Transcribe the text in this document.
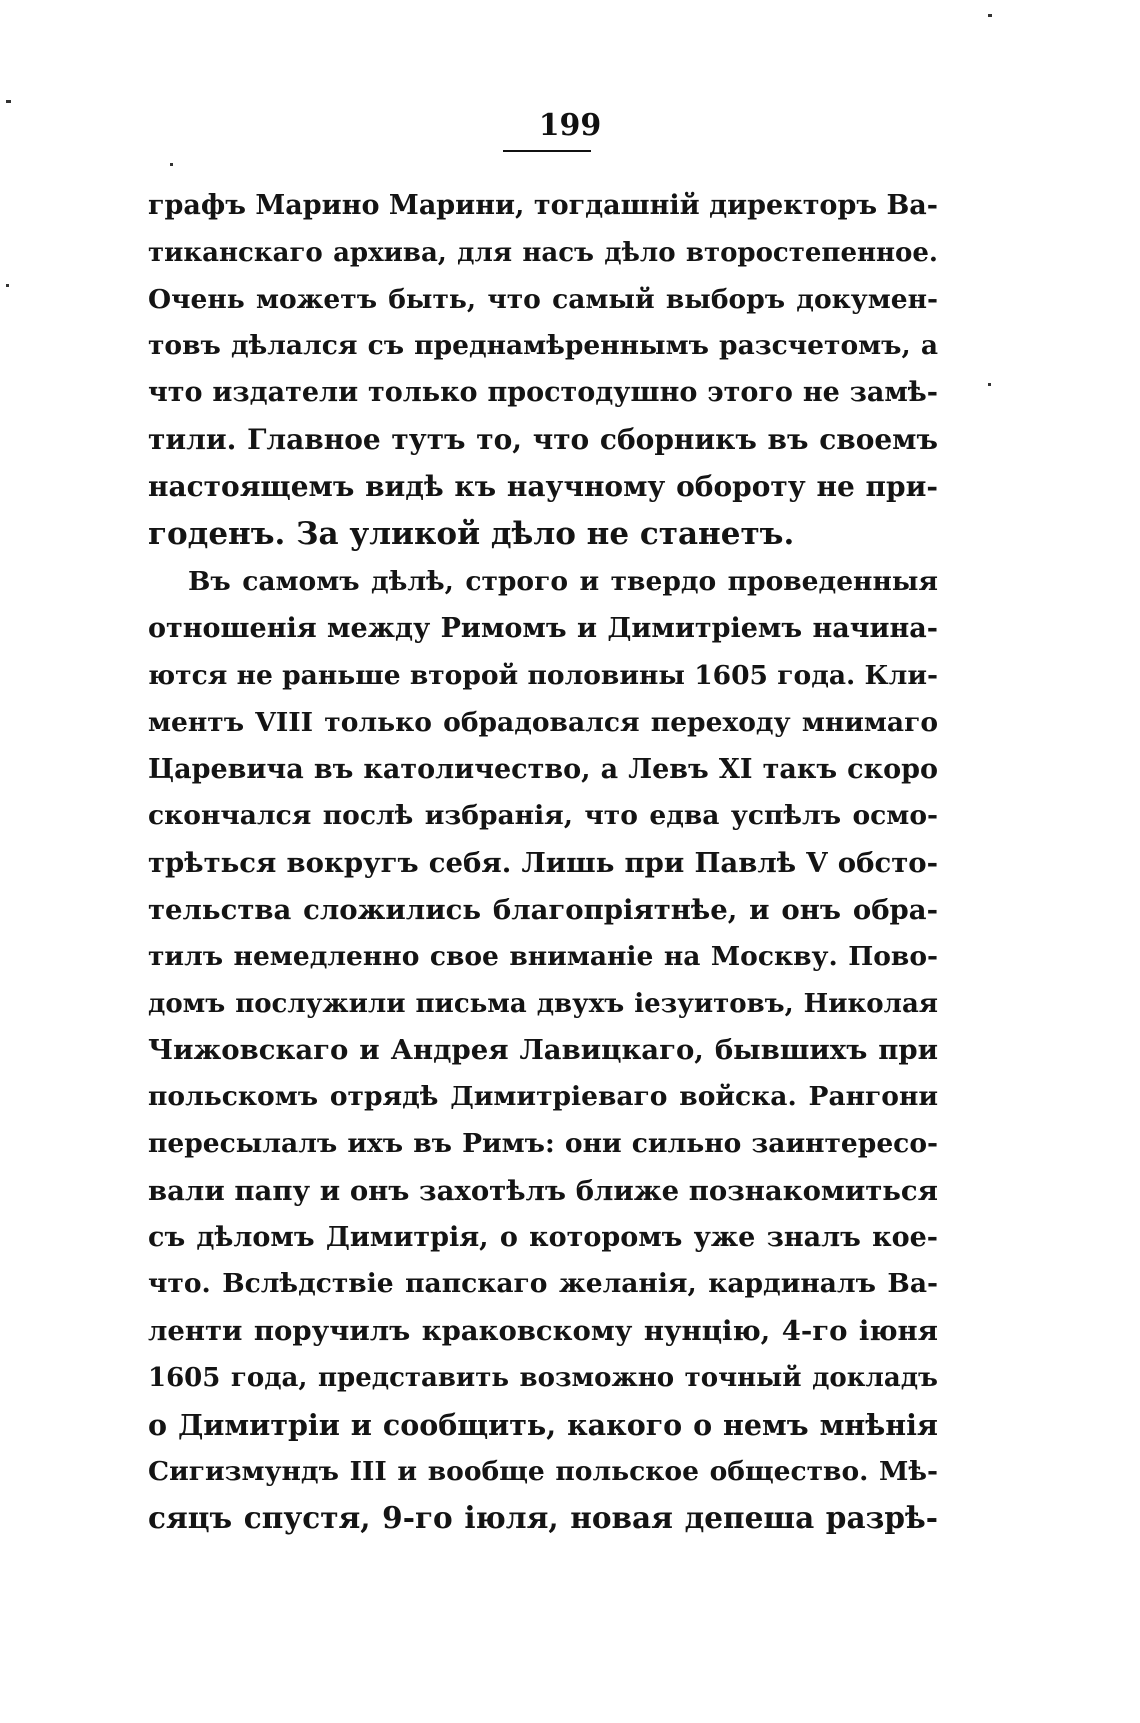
199
графъ Марино Марини, тогдашній директоръ Ва-
тиканскаго архива, для насъ дѣло второстепенное.
Очень можетъ быть, что самый выборъ докумен-
товъ дѣлался съ преднамѣреннымъ разсчетомъ, а
что издатели только простодушно этого не замѣ-
тили. Главное тутъ то, что сборникъ въ своемъ
настоящемъ видѣ къ научному обороту не при-
годенъ. За уликой дѣло не станетъ.
Въ самомъ дѣлѣ, строго и твердо проведенныя
отношенія между Римомъ и Димитріемъ начина-
ются не раньше второй половины 1605 года. Кли-
ментъ VIII только обрадовался переходу мнимаго
Царевича въ католичество, а Левъ XI такъ скоро
скончался послѣ избранія, что едва успѣлъ осмо-
трѣться вокругъ себя. Лишь при Павлѣ V обсто-
тельства сложились благопріятнѣе, и онъ обра-
тилъ немедленно свое вниманіе на Москву. Пово-
домъ послужили письма двухъ іезуитовъ, Николая
Чижовскаго и Андрея Лавицкаго, бывшихъ при
польскомъ отрядѣ Димитріеваго войска. Рангони
пересылалъ ихъ въ Римъ: они сильно заинтересо-
вали папу и онъ захотѣлъ ближе познакомиться
съ дѣломъ Димитрія, о которомъ уже зналъ кое-
что. Вслѣдствіе папскаго желанія, кардиналъ Ва-
ленти поручилъ краковскому нунцію, 4-го іюня
1605 года, представить возможно точный докладъ
о Димитріи и сообщить, какого о немъ мнѣнія
Сигизмундъ III и вообще польское общество. Мѣ-
сяцъ спустя, 9-го іюля, новая депеша разрѣ-
